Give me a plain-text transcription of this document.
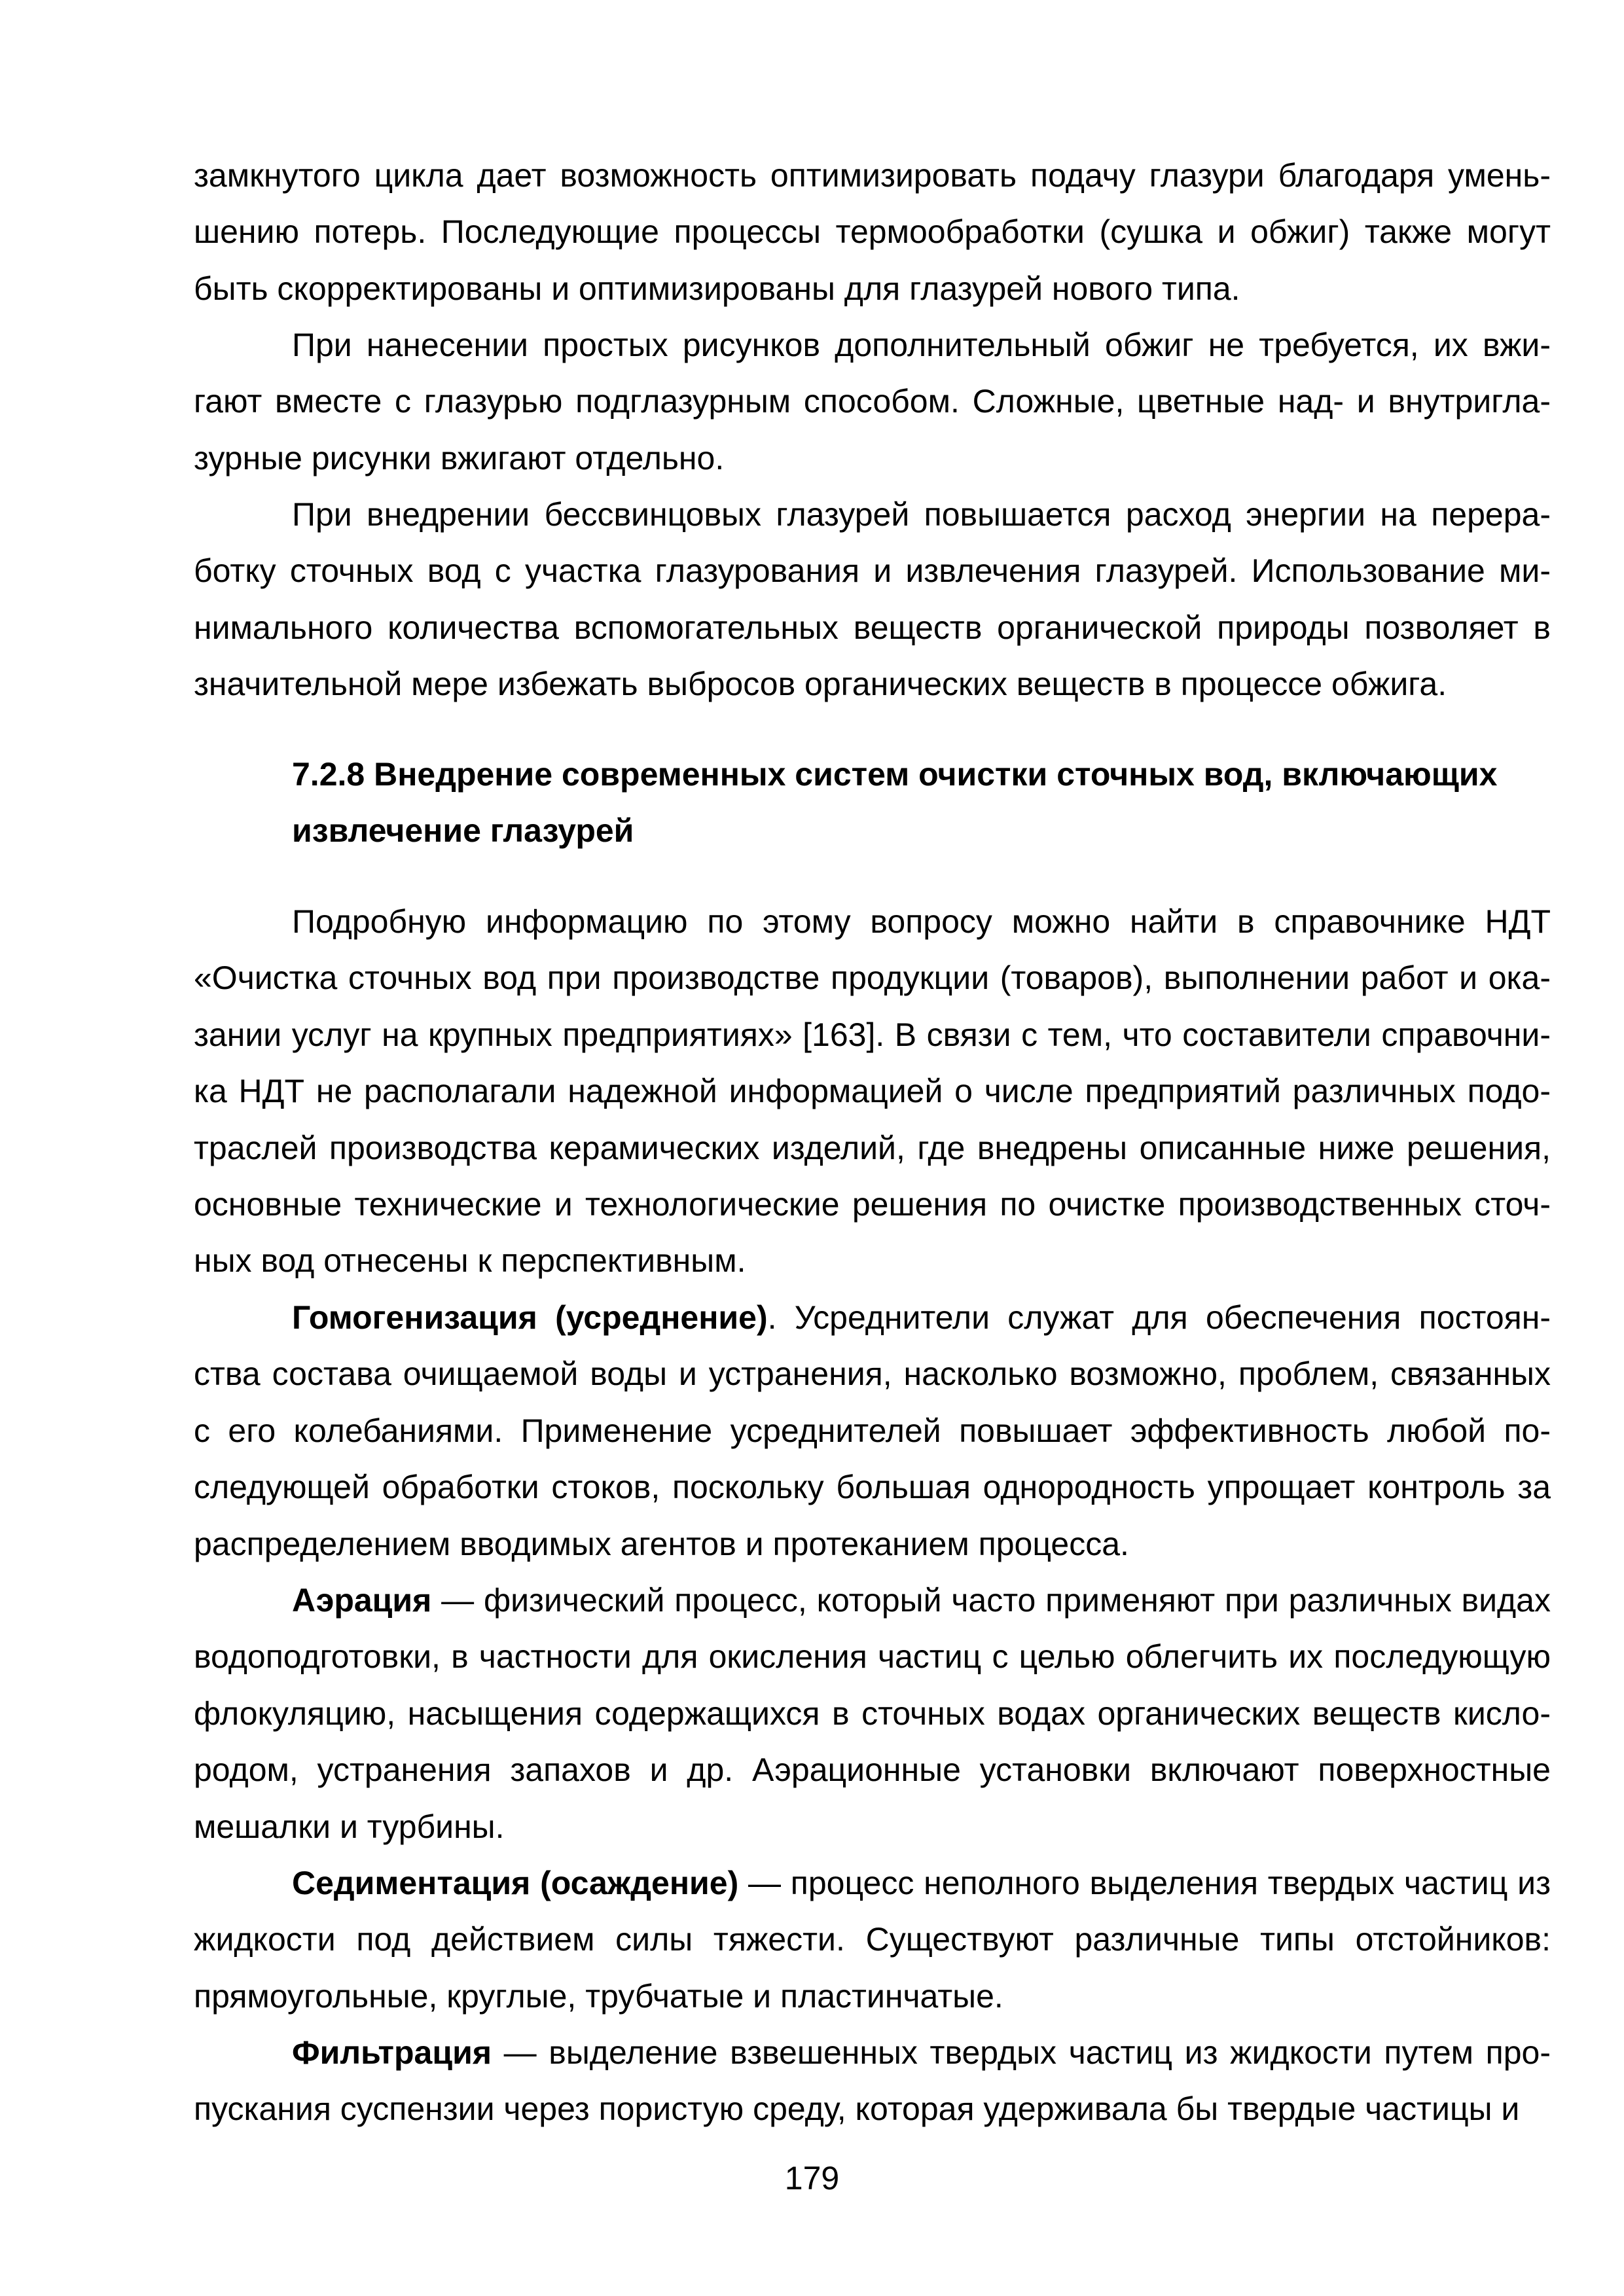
замкнутого цикла дает возможность оптимизировать подачу глазури благодаря уменьшению потерь. Последующие процессы термообработки (сушка и обжиг) также могут быть скорректированы и оптимизированы для глазурей нового типа.

При нанесении простых рисунков дополнительный обжиг не требуется, их вжигают вместе с глазурью подглазурным способом. Сложные, цветные над- и внутриглазурные рисунки вжигают отдельно.

При внедрении бессвинцовых глазурей повышается расход энергии на переработку сточных вод с участка глазурования и извлечения глазурей. Использование минимального количества вспомогательных веществ органической природы позволяет в значительной мере избежать выбросов органических веществ в процессе обжига.

7.2.8 Внедрение современных систем очистки сточных вод, включающих извлечение глазурей

Подробную информацию по этому вопросу можно найти в справочнике НДТ «Очистка сточных вод при производстве продукции (товаров), выполнении работ и оказании услуг на крупных предприятиях» [163]. В связи с тем, что составители справочника НДТ не располагали надежной информацией о числе предприятий различных подотраслей производства керамических изделий, где внедрены описанные ниже решения, основные технические и технологические решения по очистке производственных сточных вод отнесены к перспективным.

Гомогенизация (усреднение). Усреднители служат для обеспечения постоянства состава очищаемой воды и устранения, насколько возможно, проблем, связанных с его колебаниями. Применение усреднителей повышает эффективность любой последующей обработки стоков, поскольку большая однородность упрощает контроль за распределением вводимых агентов и протеканием процесса.

Аэрация — физический процесс, который часто применяют при различных видах водоподготовки, в частности для окисления частиц с целью облегчить их последующую флокуляцию, насыщения содержащихся в сточных водах органических веществ кислородом, устранения запахов и др. Аэрационные установки включают поверхностные мешалки и турбины.

Седиментация (осаждение) — процесс неполного выделения твердых частиц из жидкости под действием силы тяжести. Существуют различные типы отстойников: прямоугольные, круглые, трубчатые и пластинчатые.

Фильтрация — выделение взвешенных твердых частиц из жидкости путем пропускания суспензии через пористую среду, которая удерживала бы твердые частицы и

179
